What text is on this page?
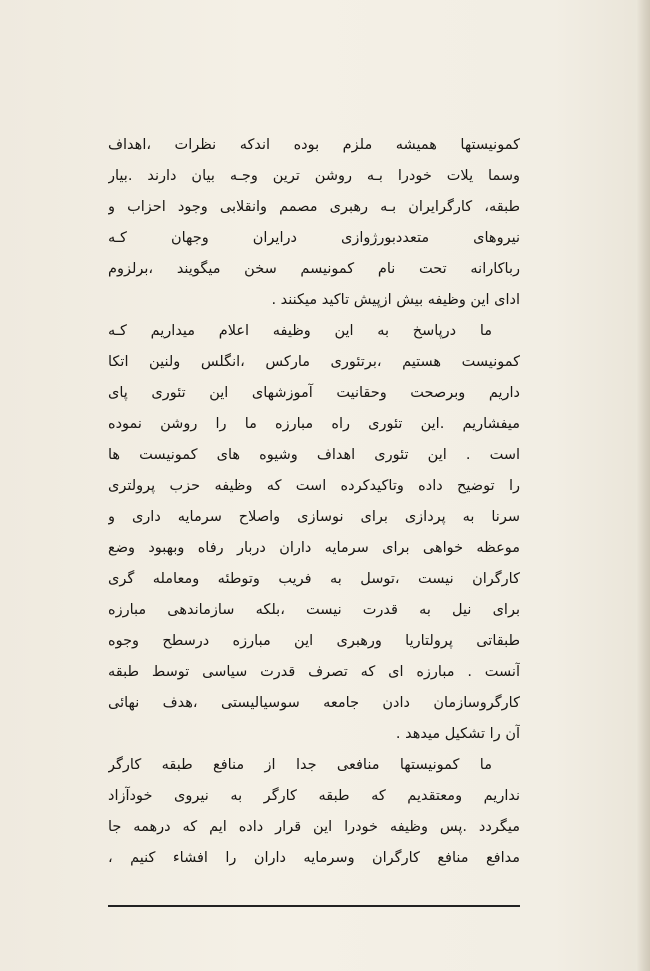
کمونیستها همیشه ملزم بوده اندکه نظرات ،اهداف
وسما یلات خودرا بـه روشن ترین وجـه بیان دارند .بیار
طبقه، کارگرایران بـه رهبری مصمم وانقلابی وجود احزاب و
نیروهای متعددبورژوازی درایران وجهان کـه
رباکارانه تحت نام کمونیسم سخن میگویند ،برلزوم
ادای این وظیفه بیش ازپیش تاکید میکنند .
ما درپاسخ به این وظیفه اعلام میداریم کـه
کمونیست هستیم ،برتئوری مارکس ،انگلس ولنین اتکا
داریم وبرصحت وحقانیت آموزشهای این تئوری پای
میفشاریم .این تئوری راه مبارزه ما را روشن نموده
است . این تئوری اهداف وشیوه های کمونیست ها
را توضیح داده وتاکیدکرده است که وظیفه حزب پرولتری
سرنا به پردازی برای نوسازی واصلاح سرمایه داری و
موعظه خواهی برای سرمایه داران دربار رفاه وبهبود وضع
کارگران نیست ،توسل به فریب وتوطئه ومعامله گری
برای نیل به قدرت نیست ،بلکه سازماندهی مبارزه
طبقاتی پرولتاریا ورهبری این مبارزه درسطح وجوه
آنست . مبارزه ای که تصرف قدرت سیاسی توسط طبقه
کارگروسازمان دادن جامعه سوسیالیستی ،هدف نهائی
آن را تشکیل میدهد .
ما کمونیستها منافعی جدا از منافع طبقه کارگر
نداریم ومعتقدیم که طبقه کارگر به نیروی خودآزاد
میگردد .پس وظیفه خودرا این قرار داده ایم که درهمه جا
مدافع منافع کارگران وسرمایه داران را افشاء کنیم ،
